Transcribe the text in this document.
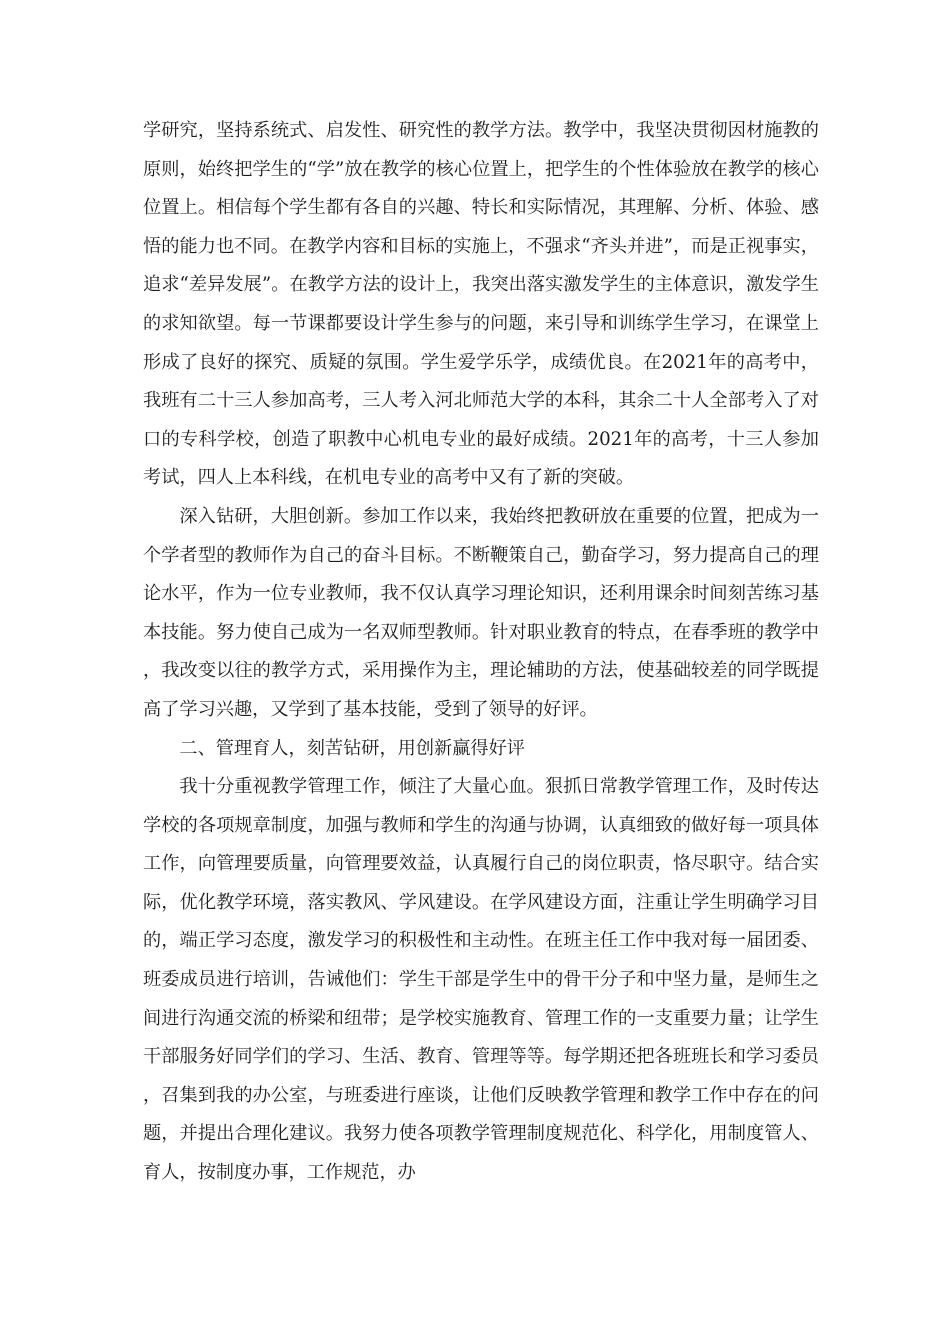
学研究，坚持系统式、启发性、研究性的教学方法。教学中，我坚决贯彻因材施教的原则，始终把学生的“学”放在教学的核心位置上，把学生的个性体验放在教学的核心位置上。相信每个学生都有各自的兴趣、特长和实际情况，其理解、分析、体验、感悟的能力也不同。在教学内容和目标的实施上，不强求“齐头并进”，而是正视事实，追求“差异发展”。在教学方法的设计上，我突出落实激发学生的主体意识，激发学生的求知欲望。每一节课都要设计学生参与的问题，来引导和训练学生学习，在课堂上形成了良好的探究、质疑的氛围。学生爱学乐学，成绩优良。在2021年的高考中，我班有二十三人参加高考，三人考入河北师范大学的本科，其余二十人全部考入了对口的专科学校，创造了职教中心机电专业的最好成绩。2021年的高考，十三人参加考试，四人上本科线，在机电专业的高考中又有了新的突破。

深入钻研，大胆创新。参加工作以来，我始终把教研放在重要的位置，把成为一个学者型的教师作为自己的奋斗目标。不断鞭策自己，勤奋学习，努力提高自己的理论水平，作为一位专业教师，我不仅认真学习理论知识，还利用课余时间刻苦练习基本技能。努力使自己成为一名双师型教师。针对职业教育的特点，在春季班的教学中，我改变以往的教学方式，采用操作为主，理论辅助的方法，使基础较差的同学既提高了学习兴趣，又学到了基本技能，受到了领导的好评。

二、管理育人，刻苦钻研，用创新赢得好评

我十分重视教学管理工作，倾注了大量心血。狠抓日常教学管理工作，及时传达学校的各项规章制度，加强与教师和学生的沟通与协调，认真细致的做好每一项具体工作，向管理要质量，向管理要效益，认真履行自己的岗位职责，恪尽职守。结合实际，优化教学环境，落实教风、学风建设。在学风建设方面，注重让学生明确学习目的，端正学习态度，激发学习的积极性和主动性。在班主任工作中我对每一届团委、班委成员进行培训，告诫他们：学生干部是学生中的骨干分子和中坚力量，是师生之间进行沟通交流的桥梁和纽带；是学校实施教育、管理工作的一支重要力量；让学生干部服务好同学们的学习、生活、教育、管理等等。每学期还把各班班长和学习委员，召集到我的办公室，与班委进行座谈，让他们反映教学管理和教学工作中存在的问题，并提出合理化建议。我努力使各项教学管理制度规范化、科学化，用制度管人、育人，按制度办事，工作规范，办
